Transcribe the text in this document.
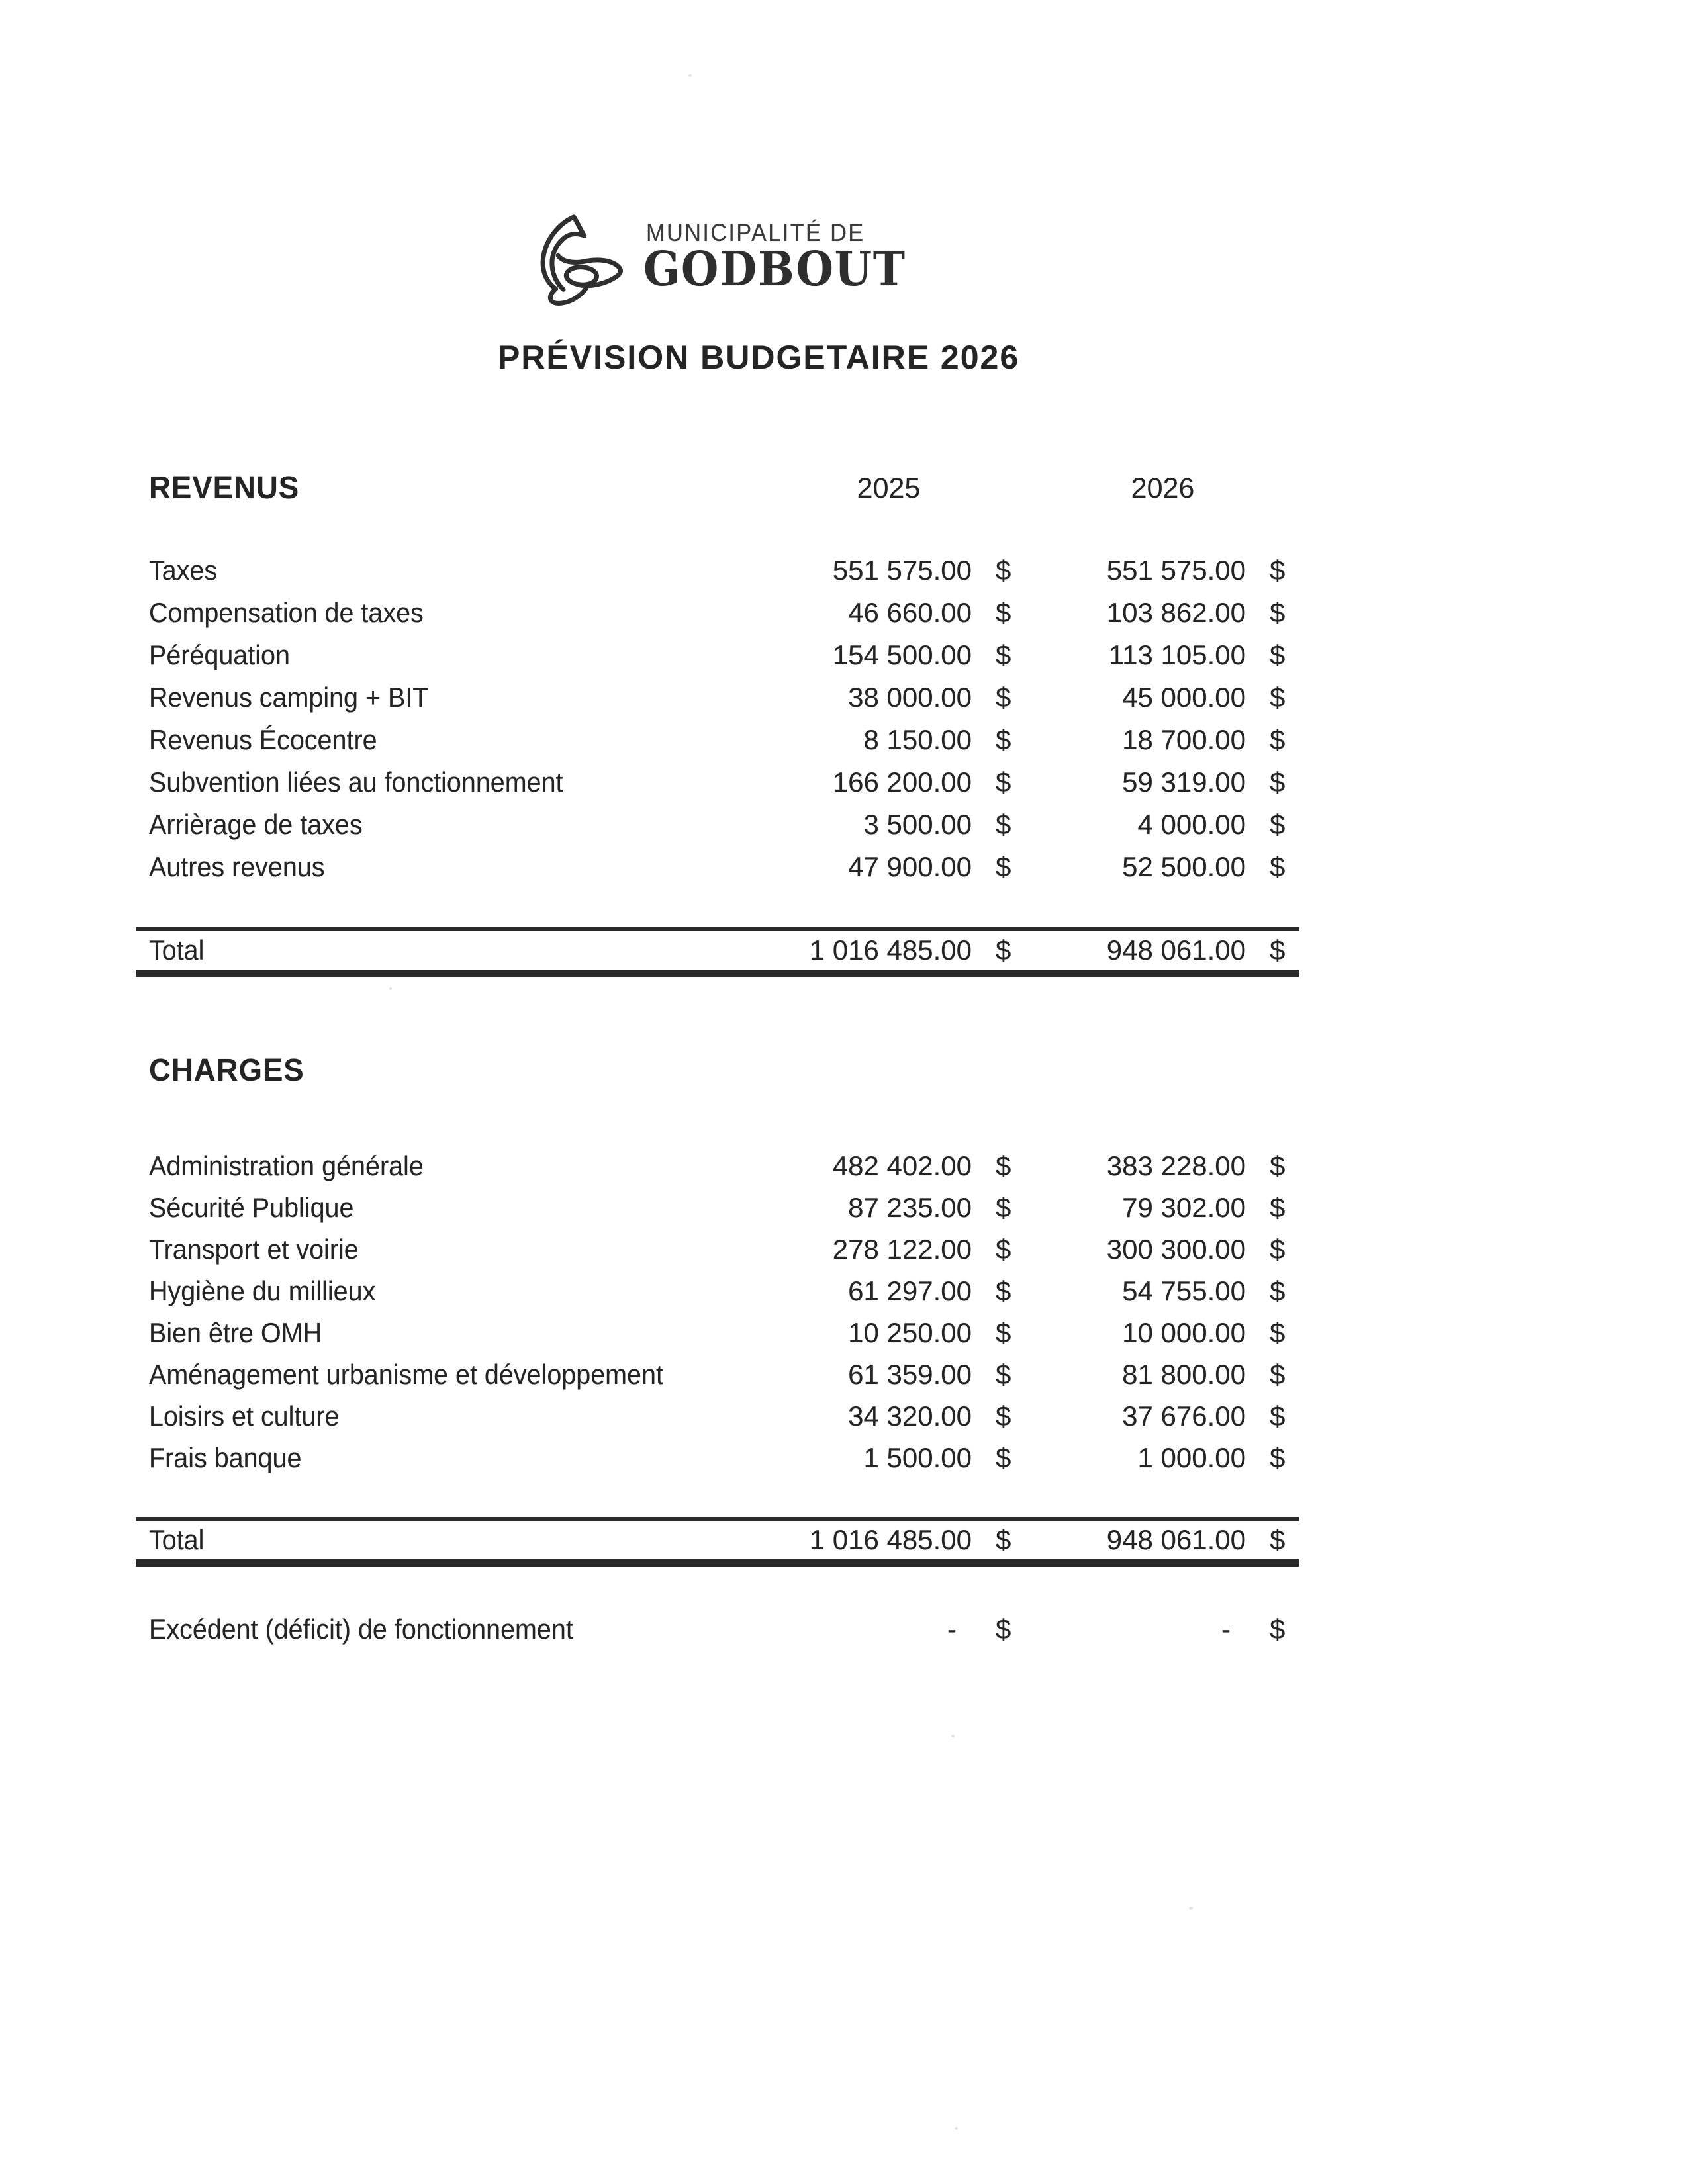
MUNICIPALITÉ DE
GODBOUT
PRÉVISION BUDGETAIRE 2026
REVENUS	2025	2026
Taxes	551 575.00 $	551 575.00 $
Compensation de taxes	46 660.00 $	103 862.00 $
Péréquation	154 500.00 $	113 105.00 $
Revenus camping + BIT	38 000.00 $	45 000.00 $
Revenus Écocentre	8 150.00 $	18 700.00 $
Subvention liées au fonctionnement	166 200.00 $	59 319.00 $
Arrièrage de taxes	3 500.00 $	4 000.00 $
Autres revenus	47 900.00 $	52 500.00 $
Total	1 016 485.00 $	948 061.00 $
CHARGES
Administration générale	482 402.00 $	383 228.00 $
Sécurité Publique	87 235.00 $	79 302.00 $
Transport et voirie	278 122.00 $	300 300.00 $
Hygiène du millieux	61 297.00 $	54 755.00 $
Bien être OMH	10 250.00 $	10 000.00 $
Aménagement urbanisme et développement	61 359.00 $	81 800.00 $
Loisirs et culture	34 320.00 $	37 676.00 $
Frais banque	1 500.00 $	1 000.00 $
Total	1 016 485.00 $	948 061.00 $
Excédent (déficit) de fonctionnement	-	$	-	$
